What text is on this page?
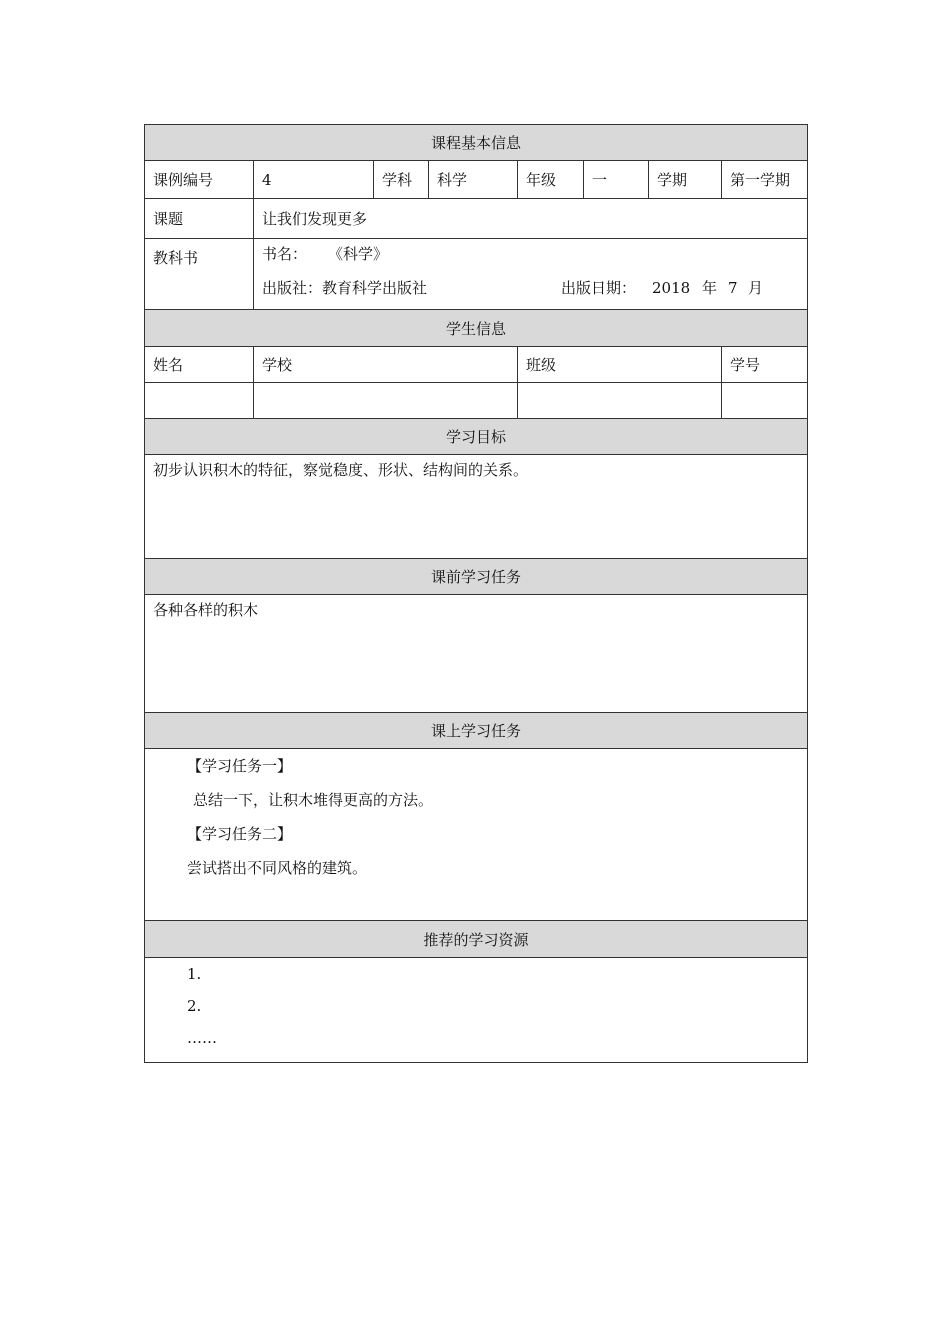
课程基本信息							
课例编号	4	学科	科学	年级	一	学期	第一学期
课题	让我们发现更多						
教科书	书名： 《科学》
出版社：教育科学出版社 出版日期： 2018 年 7 月						

学生信息							
姓名	学校			班级			学号

学习目标							
初步认识积木的特征，察觉稳度、形状、结构间的关系。							
课前学习任务							
各种各样的积木							
课上学习任务							

【学习任务一】
总结一下，让积木堆得更高的方法。
【学习任务二】
尝试搭出不同风格的建筑。							

推荐的学习资源							

1.
2.
……							
